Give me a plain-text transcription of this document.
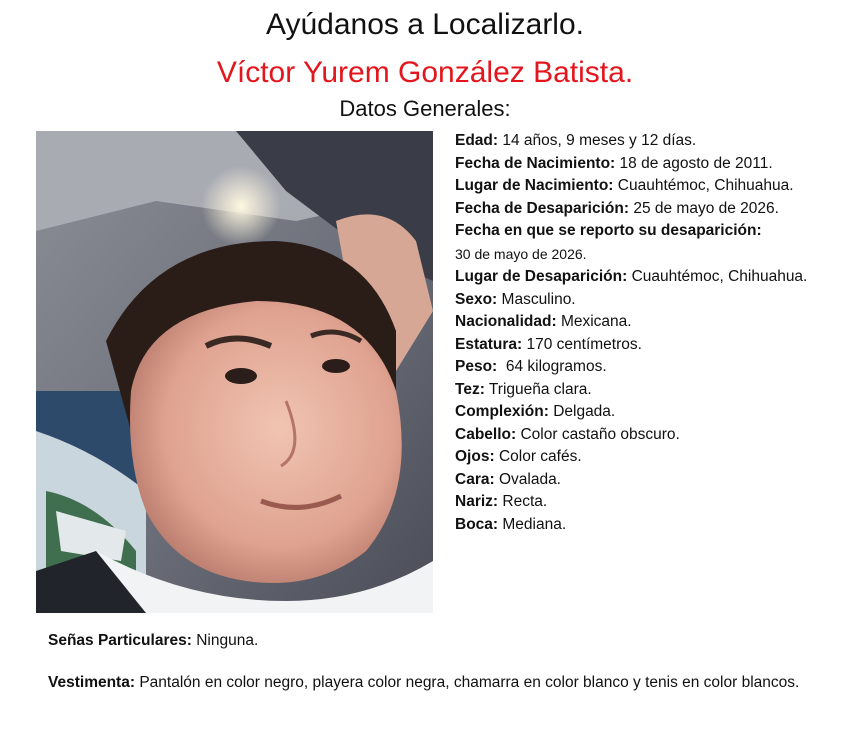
Ayúdanos a Localizarlo.
Víctor Yurem González Batista.
Datos Generales:

Edad: 14 años, 9 meses y 12 días.

Fecha de Nacimiento: 18 de agosto de 2011.

Lugar de Nacimiento: Cuauhtémoc, Chihuahua.

Fecha de Desaparición: 25 de mayo de 2026.

Fecha en que se reporto su desaparición:
30 de mayo de 2026.

Lugar de Desaparición: Cuauhtémoc, Chihuahua.

Sexo: Masculino.

Nacionalidad: Mexicana.

Estatura: 170 centímetros.

Peso: 64 kilogramos.

Tez: Trigueña clara.

Complexión: Delgada.

Cabello: Color castaño obscuro.

Ojos: Color cafés.

Cara: Ovalada.

Nariz: Recta.

Boca: Mediana.

Señas Particulares: Ninguna.

Vestimenta: Pantalón en color negro, playera color negra, chamarra en color blanco y tenis en color blancos.
